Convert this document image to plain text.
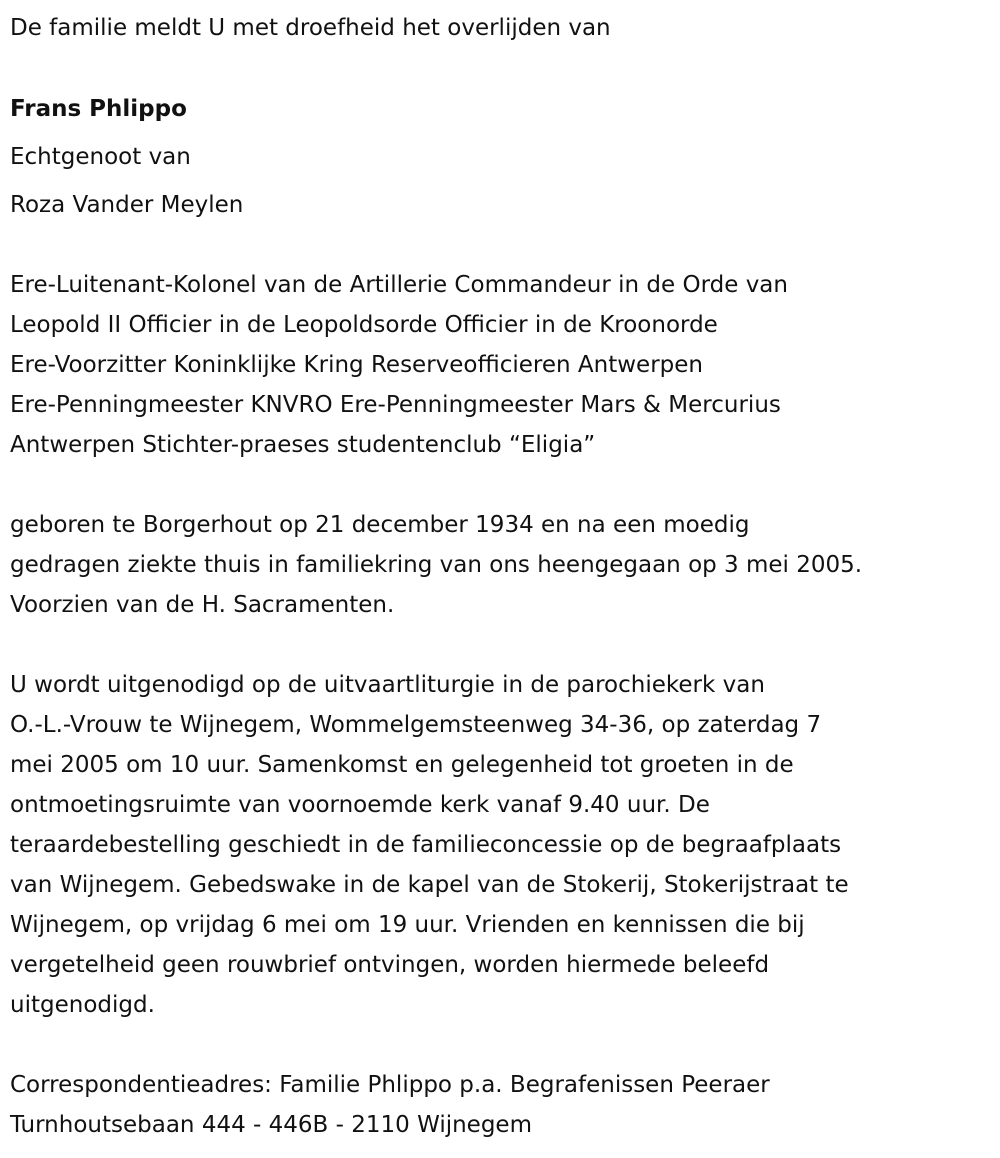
De familie meldt U met droefheid het overlijden van
Frans Phlippo
Echtgenoot van
Roza Vander Meylen
Ere-Luitenant-Kolonel van de Artillerie Commandeur in de Orde van
Leopold II Officier in de Leopoldsorde Officier in de Kroonorde
Ere-Voorzitter Koninklijke Kring Reserveofficieren Antwerpen
Ere-Penningmeester KNVRO Ere-Penningmeester Mars & Mercurius
Antwerpen Stichter-praeses studentenclub “Eligia”
geboren te Borgerhout op 21 december 1934 en na een moedig
gedragen ziekte thuis in familiekring van ons heengegaan op 3 mei 2005.
Voorzien van de H. Sacramenten.
U wordt uitgenodigd op de uitvaartliturgie in de parochiekerk van
O.-L.-Vrouw te Wijnegem, Wommelgemsteenweg 34-36, op zaterdag 7
mei 2005 om 10 uur. Samenkomst en gelegenheid tot groeten in de
ontmoetingsruimte van voornoemde kerk vanaf 9.40 uur. De
teraardebestelling geschiedt in de familieconcessie op de begraafplaats
van Wijnegem. Gebedswake in de kapel van de Stokerij, Stokerijstraat te
Wijnegem, op vrijdag 6 mei om 19 uur. Vrienden en kennissen die bij
vergetelheid geen rouwbrief ontvingen, worden hiermede beleefd
uitgenodigd.
Correspondentieadres: Familie Phlippo p.a. Begrafenissen Peeraer
Turnhoutsebaan 444 - 446B - 2110 Wijnegem
